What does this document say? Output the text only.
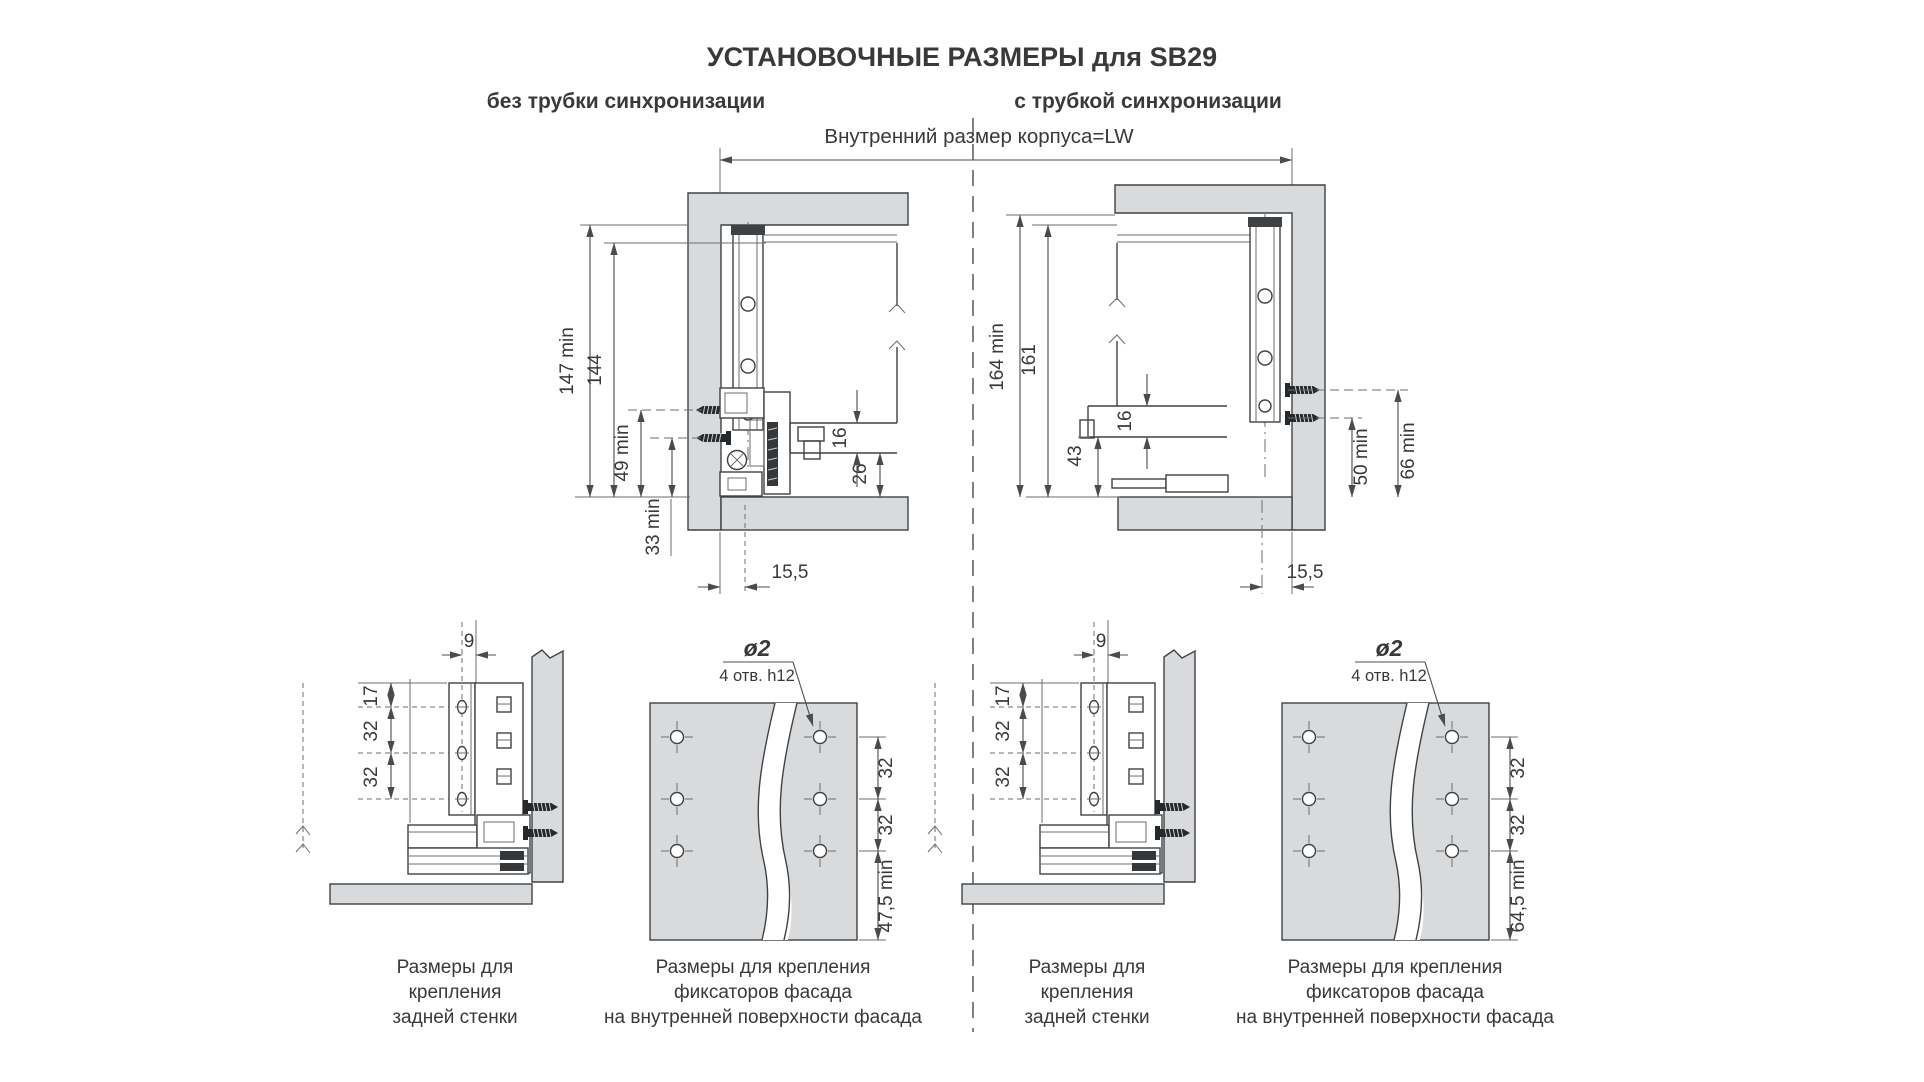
УСТАНОВОЧНЫЕ РАЗМЕРЫ для SB29
без трубки синхронизации	с трубкой синхронизации
Внутренний размер корпуса=LW
147 min 144
49 min
33 min
16
26
15,5
164 min 161
16
43	50 min 66 min
15,5
9
17
32
32
9
17
32
32
ø2
4 отв. h12
32
32
47,5 min
ø2
4 отв. h12
32
32
64,5 min
Размеры для
крепления
задней стенки
Размеры для крепления
фиксаторов фасада
на внутренней поверхности фасада
Размеры для
крепления
задней стенки
Размеры для крепления
фиксаторов фасада
на внутренней поверхности фасада
